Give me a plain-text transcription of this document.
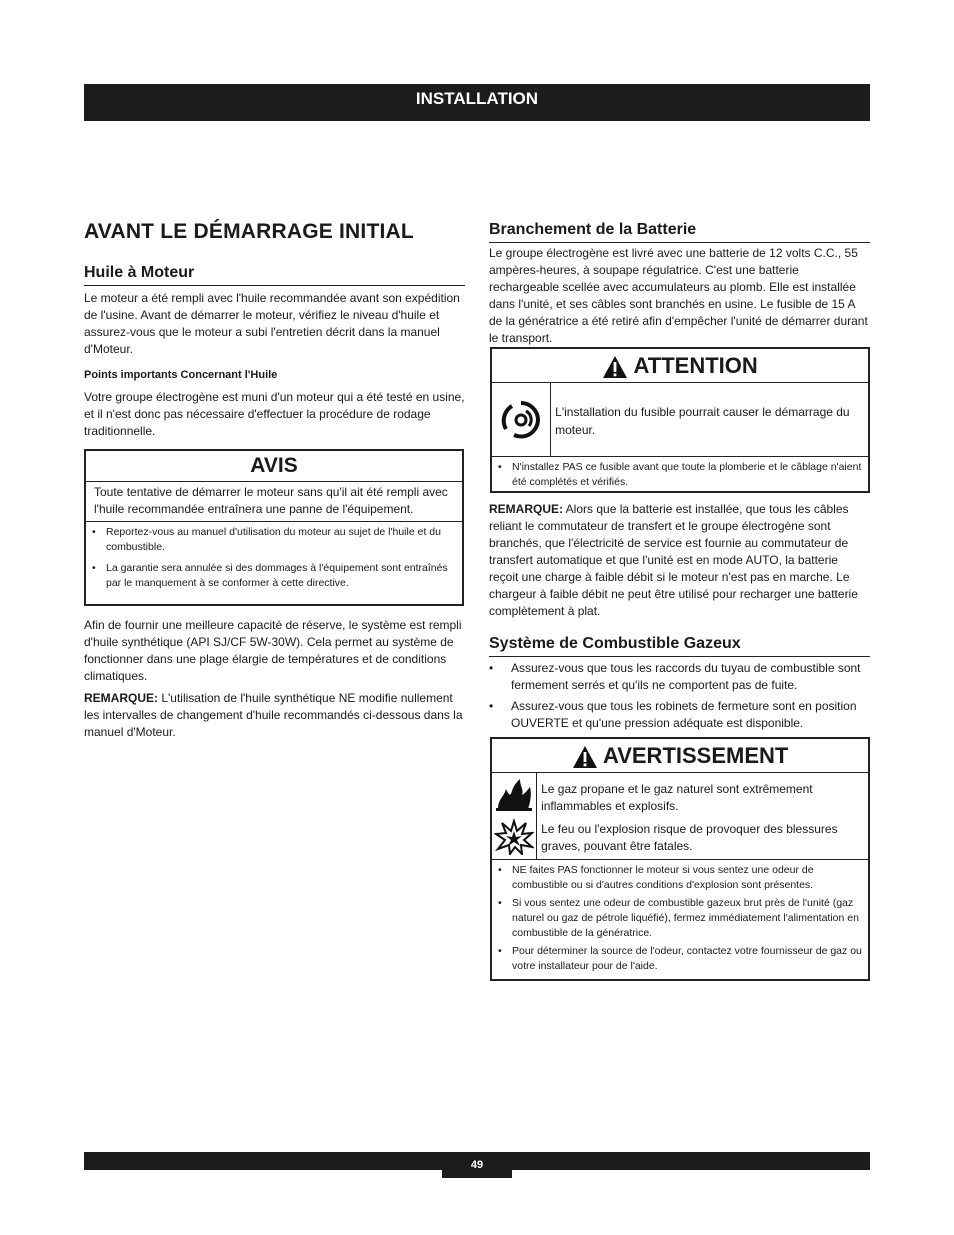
INSTALLATION
AVANT LE DÉMARRAGE INITIAL
Huile à Moteur

Le moteur a été rempli avec l'huile recommandée avant son expédition de l'usine. Avant de démarrer le moteur, vérifiez le niveau d'huile et assurez-vous que le moteur a subi l'entretien décrit dans la manuel d'Moteur.

Points importants Concernant l'Huile

Votre groupe électrogène est muni d'un moteur qui a été testé en usine, et il n'est donc pas nécessaire d'effectuer la procédure de rodage traditionnelle.

AVIS

Toute tentative de démarrer le moteur sans qu'il ait été rempli avec l'huile recommandée entraînera une panne de l'équipement.

• Reportez-vous au manuel d'utilisation du moteur au sujet de l'huile et du combustible.
• La garantie sera annulée si des dommages à l'équipement sont entraînés par le manquement à se conformer à cette directive.

Afin de fournir une meilleure capacité de réserve, le système est rempli d'huile synthétique (API SJ/CF 5W-30W). Cela permet au système de fonctionner dans une plage élargie de températures et de conditions climatiques.

REMARQUE: L'utilisation de l'huile synthétique NE modifie nullement les intervalles de changement d'huile recommandés ci-dessous dans la manuel d'Moteur.

Branchement de la Batterie

Le groupe électrogène est livré avec une batterie de 12 volts C.C., 55 ampères-heures, à soupape régulatrice. C'est une batterie rechargeable scellée avec accumulateurs au plomb. Elle est installée dans l'unité, et ses câbles sont branchés en usine. Le fusible de 15 A de la génératrice a été retiré afin d'empêcher l'unité de démarrer durant le transport.

ATTENTION

L'installation du fusible pourrait causer le démarrage du moteur.

• N'installez PAS ce fusible avant que toute la plomberie et le câblage n'aient été complétés et vérifiés.

REMARQUE: Alors que la batterie est installée, que tous les câbles reliant le commutateur de transfert et le groupe électrogène sont branchés, que l'électricité de service est fournie au commutateur de transfert automatique et que l'unité est en mode AUTO, la batterie reçoit une charge à faible débit si le moteur n'est pas en marche. Le chargeur à faible débit ne peut être utilisé pour recharger une batterie complètement à plat.

Système de Combustible Gazeux
• Assurez-vous que tous les raccords du tuyau de combustible sont fermement serrés et qu'ils ne comportent pas de fuite.
• Assurez-vous que tous les robinets de fermeture sont en position OUVERTE et qu'une pression adéquate est disponible.
AVERTISSEMENT

Le gaz propane et le gaz naturel sont extrêmement inflammables et explosifs.

Le feu ou l'explosion risque de provoquer des blessures graves, pouvant être fatales.

• NE faites PAS fonctionner le moteur si vous sentez une odeur de combustible ou si d'autres conditions d'explosion sont présentes.
• Si vous sentez une odeur de combustible gazeux brut près de l'unité (gaz naturel ou gaz de pétrole liquéfié), fermez immédiatement l'alimentation en combustible de la génératrice.
• Pour déterminer la source de l'odeur, contactez votre fournisseur de gaz ou votre installateur pour de l'aide.
49
